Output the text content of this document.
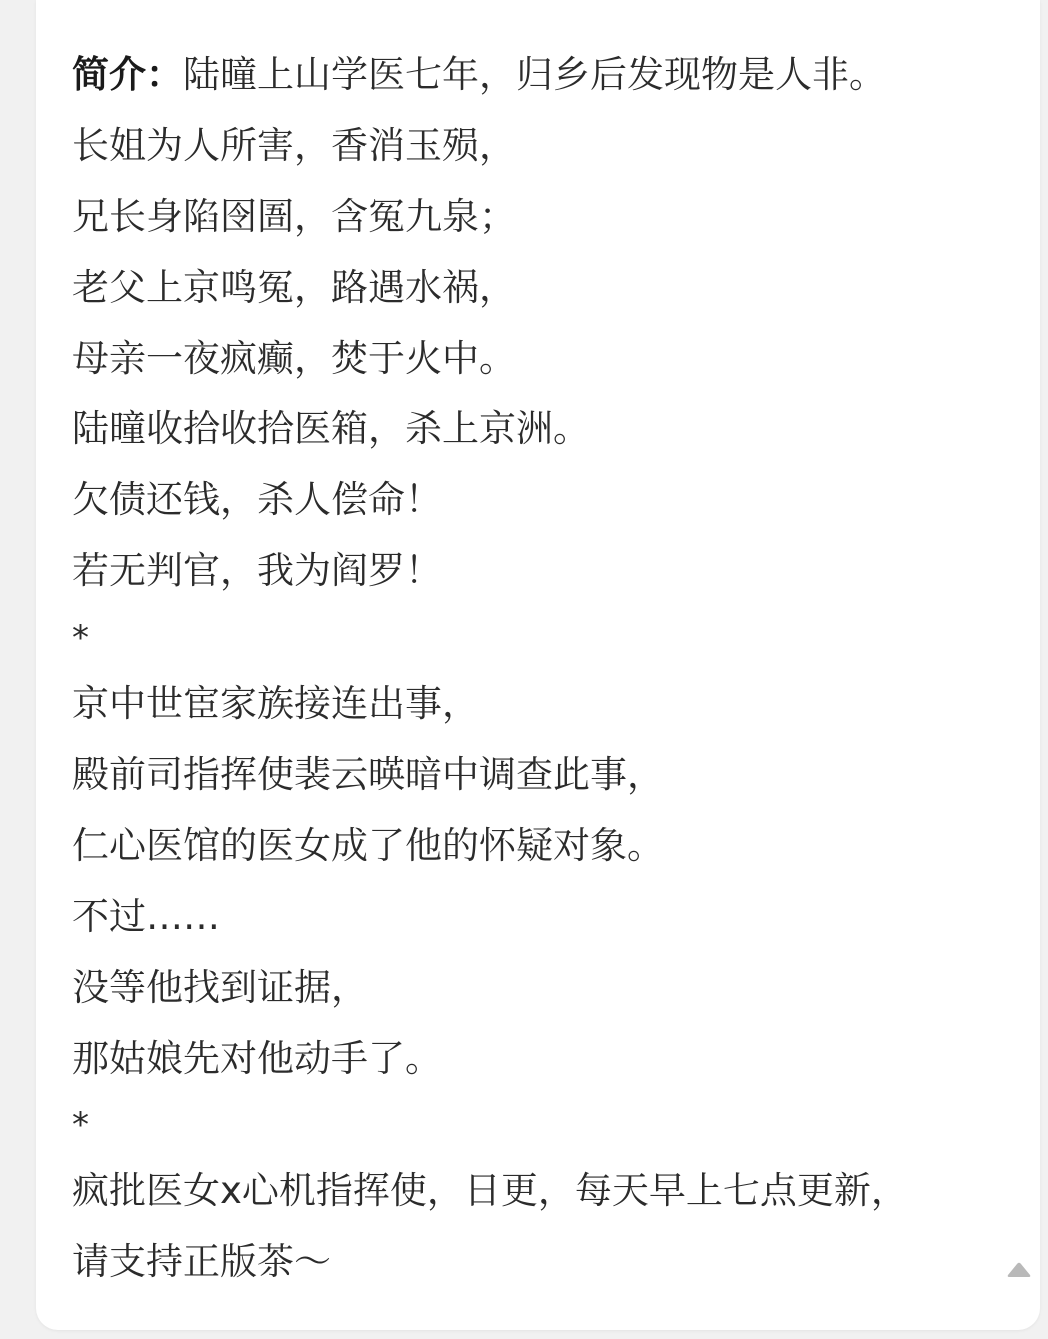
简介：陆曈上山学医七年，归乡后发现物是人非。
长姐为人所害，香消玉殒，
兄长身陷囹圄，含冤九泉；
老父上京鸣冤，路遇水祸，
母亲一夜疯癫，焚于火中。
陆曈收拾收拾医箱，杀上京洲。
欠债还钱，杀人偿命！
若无判官，我为阎罗！
*
京中世宦家族接连出事，
殿前司指挥使裴云暎暗中调查此事，
仁心医馆的医女成了他的怀疑对象。
不过……
没等他找到证据，
那姑娘先对他动手了。
*
疯批医女x心机指挥使，日更，每天早上七点更新，
请支持正版茶～
